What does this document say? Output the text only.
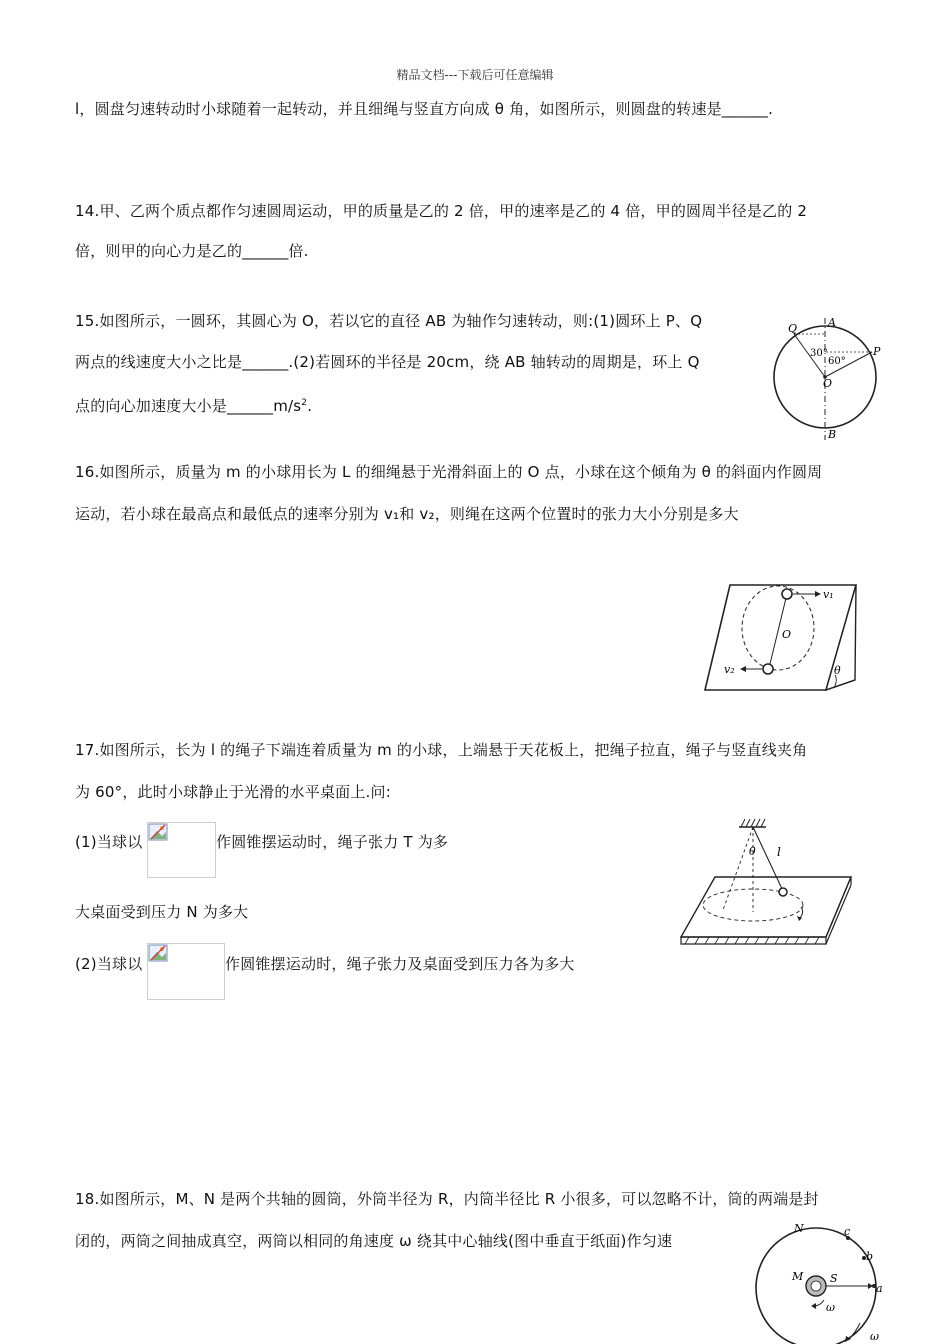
精品文档---下载后可任意编辑
l，圆盘匀速转动时小球随着一起转动，并且细绳与竖直方向成 θ 角，如图所示，则圆盘的转速是______.
14.甲、乙两个质点都作匀速圆周运动，甲的质量是乙的 2 倍，甲的速率是乙的 4 倍，甲的圆周半径是乙的 2
倍，则甲的向心力是乙的______倍.
15.如图所示，一圆环，其圆心为 O，若以它的直径 AB 为轴作匀速转动，则:(1)圆环上 P、Q
两点的线速度大小之比是______.(2)若圆环的半径是 20cm，绕 AB 轴转动的周期是，环上 Q
点的向心加速度大小是$\_\_\_\_\_\_m/s^2$.
A
Q
P
O
30°
60°
B
16.如图所示，质量为 m 的小球用长为 L 的细绳悬于光滑斜面上的 O 点，小球在这个倾角为 θ 的斜面内作圆周
运动，若小球在最高点和最低点的速率分别为 v₁和 v₂，则绳在这两个位置时的张力大小分别是多大
v₁
v₂
O
θ
17.如图所示，长为 l 的绳子下端连着质量为 m 的小球，上端悬于天花板上，把绳子拉直，绳子与竖直线夹角
为 60°，此时小球静止于光滑的水平桌面上.问:
(1)当球以	作圆锥摆运动时，绳子张力 T 为多
大桌面受到压力 N 为多大
(2)当球以	作圆锥摆运动时，绳子张力及桌面受到压力各为多大
θ l
18.如图所示，M、N 是两个共轴的圆筒，外筒半径为 R，内筒半径比 R 小很多，可以忽略不计，筒的两端是封
闭的，两筒之间抽成真空，两筒以相同的角速度 ω 绕其中心轴线(图中垂直于纸面)作匀速
N
M S
a
b
c
ω
ω
